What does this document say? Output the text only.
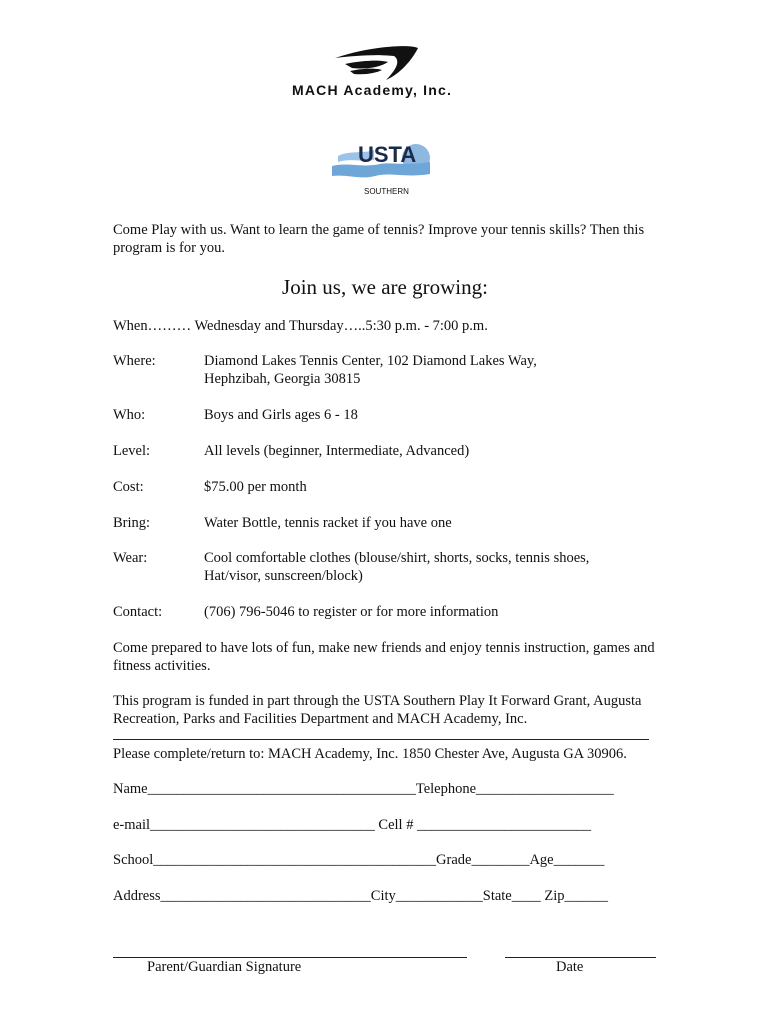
MACH Academy, Inc.
USTA
SOUTHERN
Come Play with us. Want to learn the game of tennis? Improve your tennis skills? Then this program is for you.
Join us, we are growing:
When……… Wednesday and Thursday…..5:30 p.m. - 7:00 p.m.
Where:	Diamond Lakes Tennis Center, 102 Diamond Lakes Way,
Hephzibah, Georgia 30815
Who:	Boys and Girls ages 6 - 18
Level:	All levels (beginner, Intermediate, Advanced)
Cost:	$75.00 per month
Bring:	Water Bottle, tennis racket if you have one
Wear:	Cool comfortable clothes (blouse/shirt, shorts, socks, tennis shoes,
Hat/visor, sunscreen/block)
Contact:	(706) 796-5046 to register or for more information
Come prepared to have lots of fun, make new friends and enjoy tennis instruction, games and fitness activities.
This program is funded in part through the USTA Southern Play It Forward Grant, Augusta Recreation, Parks and Facilities Department and MACH Academy, Inc.
Please complete/return to: MACH Academy, Inc. 1850 Chester Ave, Augusta GA 30906.
Name_____________________________________Telephone___________________
e-mail_______________________________ Cell # ________________________
School_______________________________________Grade________Age_______
Address_____________________________City____________State____ Zip______
Parent/Guardian Signature	Date
